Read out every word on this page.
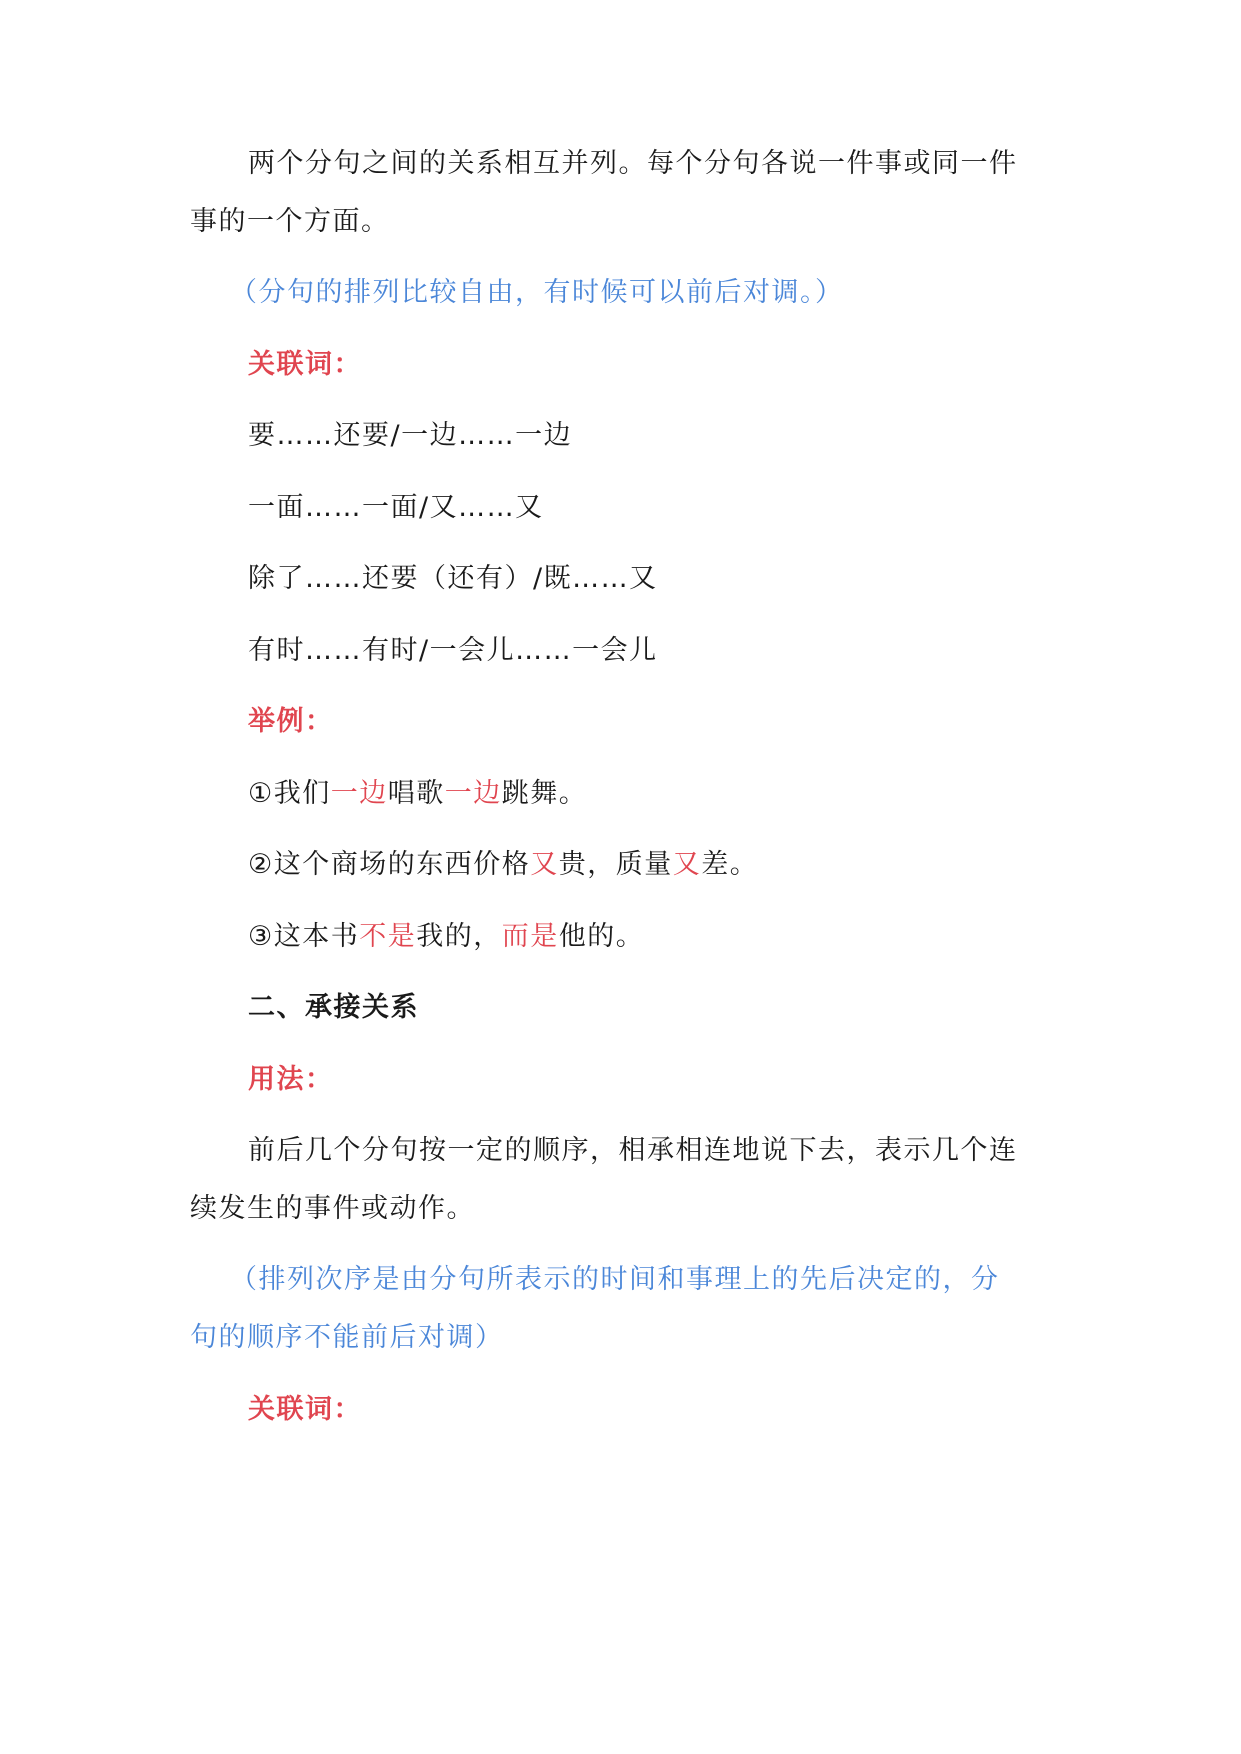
两个分句之间的关系相互并列。每个分句各说一件事或同一件
事的一个方面。
（分句的排列比较自由，有时候可以前后对调。）
关联词：
要……还要/一边……一边
一面……一面/又……又
除了……还要（还有）/既……又
有时……有时/一会儿……一会儿
举例：
①我们一边唱歌一边跳舞。
②这个商场的东西价格又贵，质量又差。
③这本书不是我的，而是他的。
二、承接关系
用法：
前后几个分句按一定的顺序，相承相连地说下去，表示几个连
续发生的事件或动作。
（排列次序是由分句所表示的时间和事理上的先后决定的，分
句的顺序不能前后对调）
关联词：
